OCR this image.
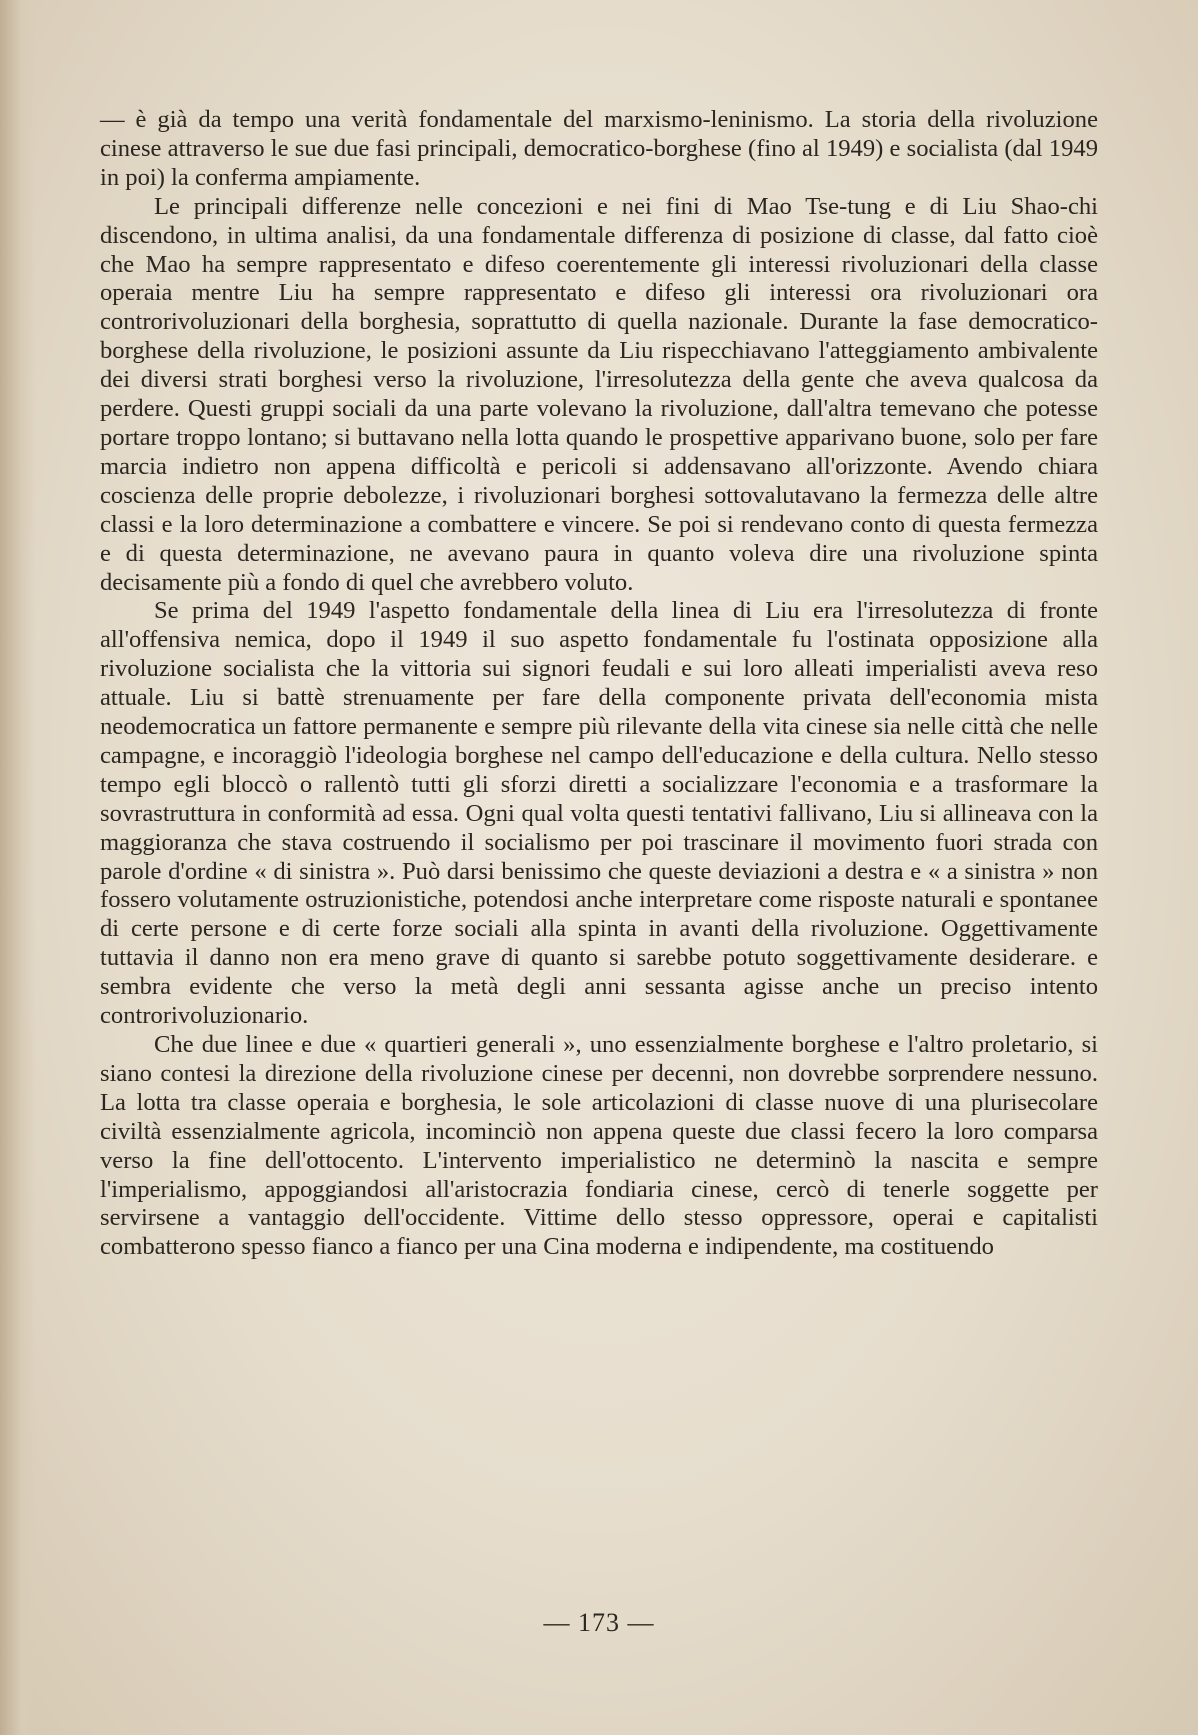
— è già da tempo una verità fondamentale del marxismo-leninismo. La storia della rivoluzione cinese attraverso le sue due fasi principali, democratico-borghese (fino al 1949) e socialista (dal 1949 in poi) la conferma ampiamente.

Le principali differenze nelle concezioni e nei fini di Mao Tse-tung e di Liu Shao-chi discendono, in ultima analisi, da una fondamentale differenza di posizione di classe, dal fatto cioè che Mao ha sempre rappresentato e difeso coerentemente gli interessi rivoluzionari della classe operaia mentre Liu ha sempre rappresentato e difeso gli interessi ora rivoluzionari ora controrivoluzionari della borghesia, soprattutto di quella nazionale. Durante la fase democratico-borghese della rivoluzione, le posizioni assunte da Liu rispecchiavano l'atteggiamento ambivalente dei diversi strati borghesi verso la rivoluzione, l'irresolutezza della gente che aveva qualcosa da perdere. Questi gruppi sociali da una parte volevano la rivoluzione, dall'altra temevano che potesse portare troppo lontano; si buttavano nella lotta quando le prospettive apparivano buone, solo per fare marcia indietro non appena difficoltà e pericoli si addensavano all'orizzonte. Avendo chiara coscienza delle proprie debolezze, i rivoluzionari borghesi sottovalutavano la fermezza delle altre classi e la loro determinazione a combattere e vincere. Se poi si rendevano conto di questa fermezza e di questa determinazione, ne avevano paura in quanto voleva dire una rivoluzione spinta decisamente più a fondo di quel che avrebbero voluto.

Se prima del 1949 l'aspetto fondamentale della linea di Liu era l'irresolutezza di fronte all'offensiva nemica, dopo il 1949 il suo aspetto fondamentale fu l'ostinata opposizione alla rivoluzione socialista che la vittoria sui signori feudali e sui loro alleati imperialisti aveva reso attuale. Liu si battè strenuamente per fare della componente privata dell'economia mista neodemocratica un fattore permanente e sempre più rilevante della vita cinese sia nelle città che nelle campagne, e incoraggiò l'ideologia borghese nel campo dell'educazione e della cultura. Nello stesso tempo egli bloccò o rallentò tutti gli sforzi diretti a socializzare l'economia e a trasformare la sovrastruttura in conformità ad essa. Ogni qual volta questi tentativi fallivano, Liu si allineava con la maggioranza che stava costruendo il socialismo per poi trascinare il movimento fuori strada con parole d'ordine « di sinistra ». Può darsi benissimo che queste deviazioni a destra e « a sinistra » non fossero volutamente ostruzionistiche, potendosi anche interpretare come risposte naturali e spontanee di certe persone e di certe forze sociali alla spinta in avanti della rivoluzione. Oggettivamente tuttavia il danno non era meno grave di quanto si sarebbe potuto soggettivamente desiderare. e sembra evidente che verso la metà degli anni sessanta agisse anche un preciso intento controrivoluzionario.

Che due linee e due « quartieri generali », uno essenzialmente borghese e l'altro proletario, si siano contesi la direzione della rivoluzione cinese per decenni, non dovrebbe sorprendere nessuno. La lotta tra classe operaia e borghesia, le sole articolazioni di classe nuove di una plurisecolare civiltà essenzialmente agricola, incominciò non appena queste due classi fecero la loro comparsa verso la fine dell'ottocento. L'intervento imperialistico ne determinò la nascita e sempre l'imperialismo, appoggiandosi all'aristocrazia fondiaria cinese, cercò di tenerle soggette per servirsene a vantaggio dell'occidente. Vittime dello stesso oppressore, operai e capitalisti combatterono spesso fianco a fianco per una Cina moderna e indipendente, ma costituendo

— 173 —
